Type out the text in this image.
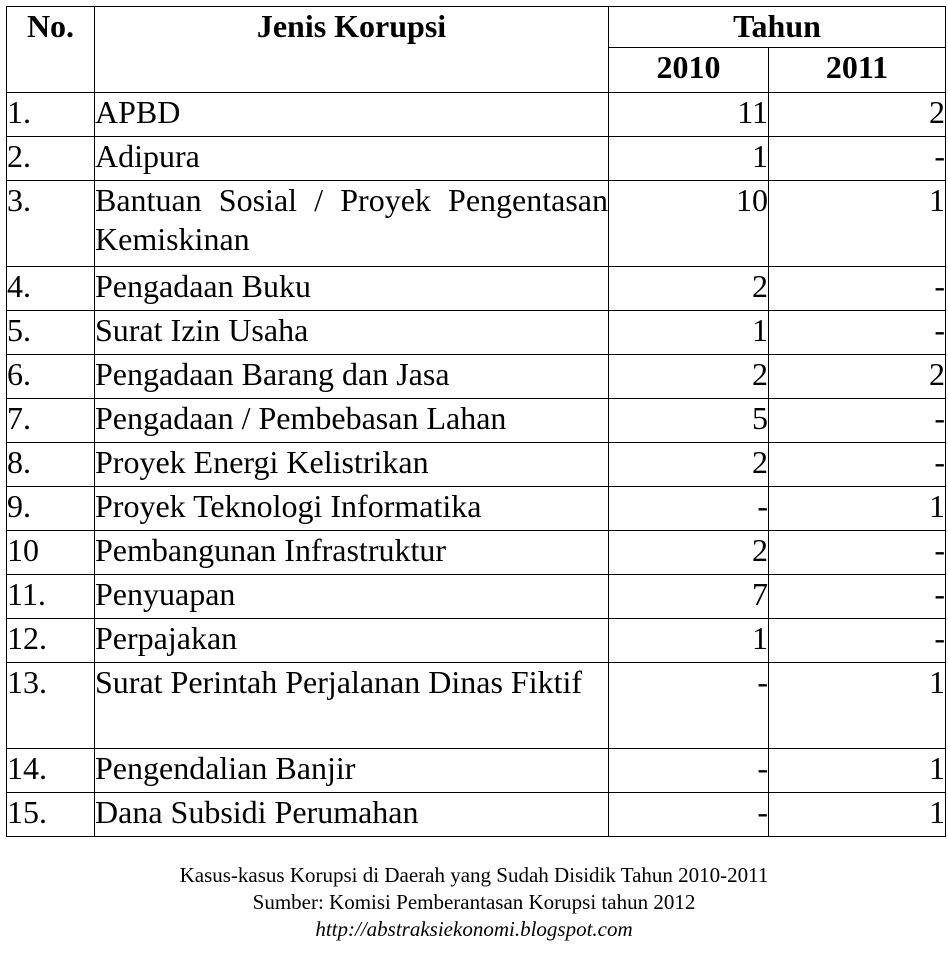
No.	Jenis Korupsi	Tahun	
		2010	2011
1.	APBD	11	2
2.	Adipura	1	-
3.	Bantuan Sosial / Proyek Pengentasan Kemiskinan	10	1
4.	Pengadaan Buku	2	-
5.	Surat Izin Usaha	1	-
6.	Pengadaan Barang dan Jasa	2	2
7.	Pengadaan / Pembebasan Lahan	5	-
8.	Proyek Energi Kelistrikan	2	-
9.	Proyek Teknologi Informatika	-	1
10	Pembangunan Infrastruktur	2	-
11.	Penyuapan	7	-
12.	Perpajakan	1	-
13.	Surat Perintah Perjalanan Dinas Fiktif	-	1
14.	Pengendalian Banjir	-	1
15.	Dana Subsidi Perumahan	-	1
Kasus-kasus Korupsi di Daerah yang Sudah Disidik Tahun 2010-2011
Sumber: Komisi Pemberantasan Korupsi tahun 2012
http://abstraksiekonomi.blogspot.com
